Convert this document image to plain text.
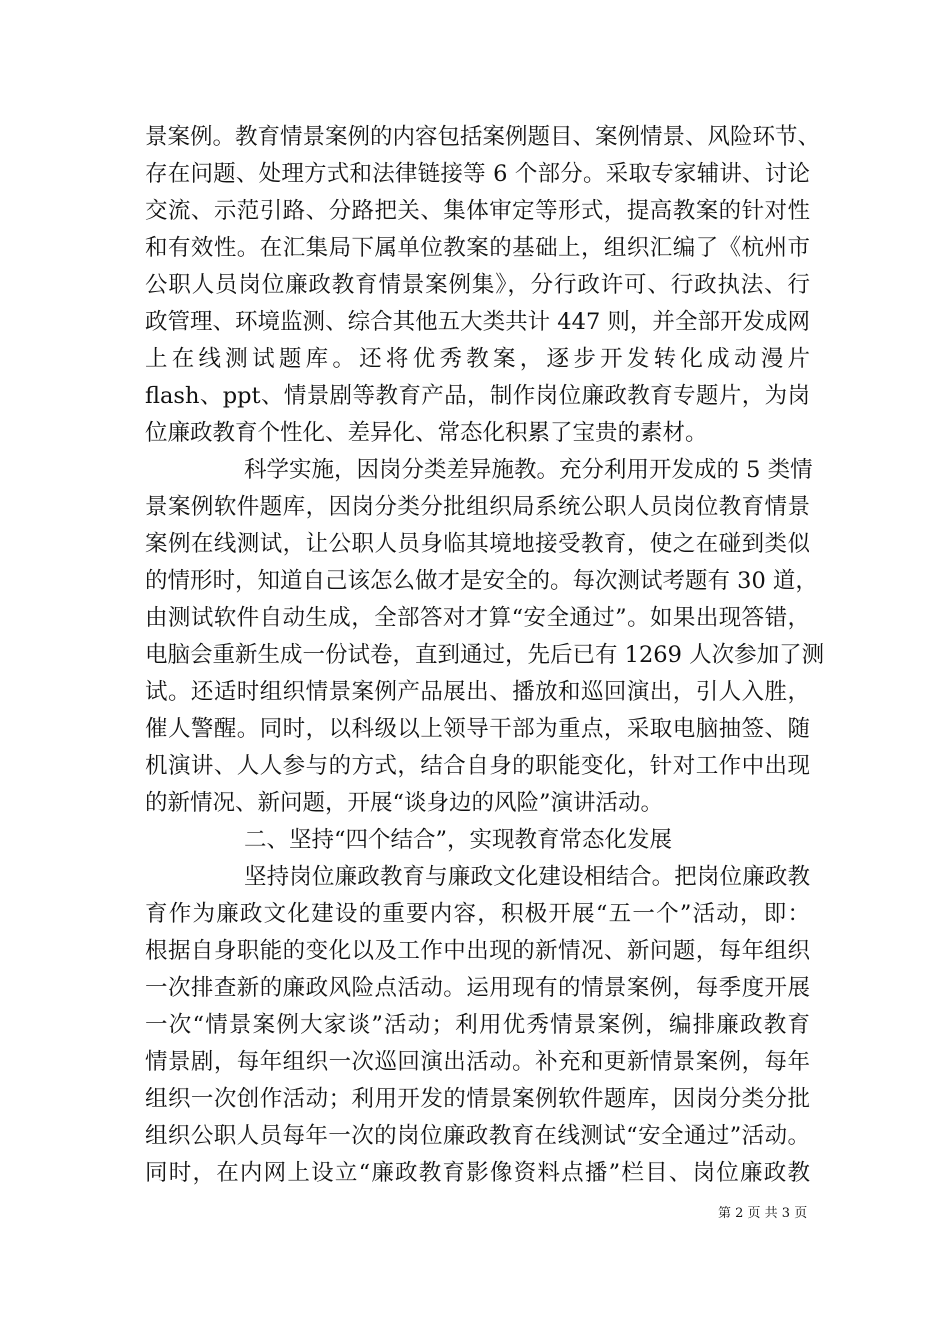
景案例。教育情景案例的内容包括案例题目、案例情景、风险环节、
存在问题、处理方式和法律链接等 6 个部分。采取专家辅讲、讨论
交流、示范引路、分路把关、集体审定等形式，提高教案的针对性
和有效性。在汇集局下属单位教案的基础上，组织汇编了《杭州市
公职人员岗位廉政教育情景案例集》，分行政许可、行政执法、行
政管理、环境监测、综合其他五大类共计 447 则，并全部开发成网
上在线测试题库。还将优秀教案，逐步开发转化成动漫片
flash、ppt、情景剧等教育产品，制作岗位廉政教育专题片，为岗
位廉政教育个性化、差异化、常态化积累了宝贵的素材。
科学实施，因岗分类差异施教。充分利用开发成的 5 类情
景案例软件题库，因岗分类分批组织局系统公职人员岗位教育情景
案例在线测试，让公职人员身临其境地接受教育，使之在碰到类似
的情形时，知道自己该怎么做才是安全的。每次测试考题有 30 道，
由测试软件自动生成，全部答对才算“安全通过”。如果出现答错，
电脑会重新生成一份试卷，直到通过，先后已有 1269 人次参加了测
试。还适时组织情景案例产品展出、播放和巡回演出，引人入胜，
催人警醒。同时，以科级以上领导干部为重点，采取电脑抽签、随
机演讲、人人参与的方式，结合自身的职能变化，针对工作中出现
的新情况、新问题，开展“谈身边的风险”演讲活动。
二、坚持“四个结合”，实现教育常态化发展
坚持岗位廉政教育与廉政文化建设相结合。把岗位廉政教
育作为廉政文化建设的重要内容，积极开展“五一个”活动，即：
根据自身职能的变化以及工作中出现的新情况、新问题，每年组织
一次排查新的廉政风险点活动。运用现有的情景案例，每季度开展
一次“情景案例大家谈”活动；利用优秀情景案例，编排廉政教育
情景剧，每年组织一次巡回演出活动。补充和更新情景案例，每年
组织一次创作活动；利用开发的情景案例软件题库，因岗分类分批
组织公职人员每年一次的岗位廉政教育在线测试“安全通过”活动。
同时，在内网上设立“廉政教育影像资料点播”栏目、岗位廉政教
第 2 页 共 3 页
